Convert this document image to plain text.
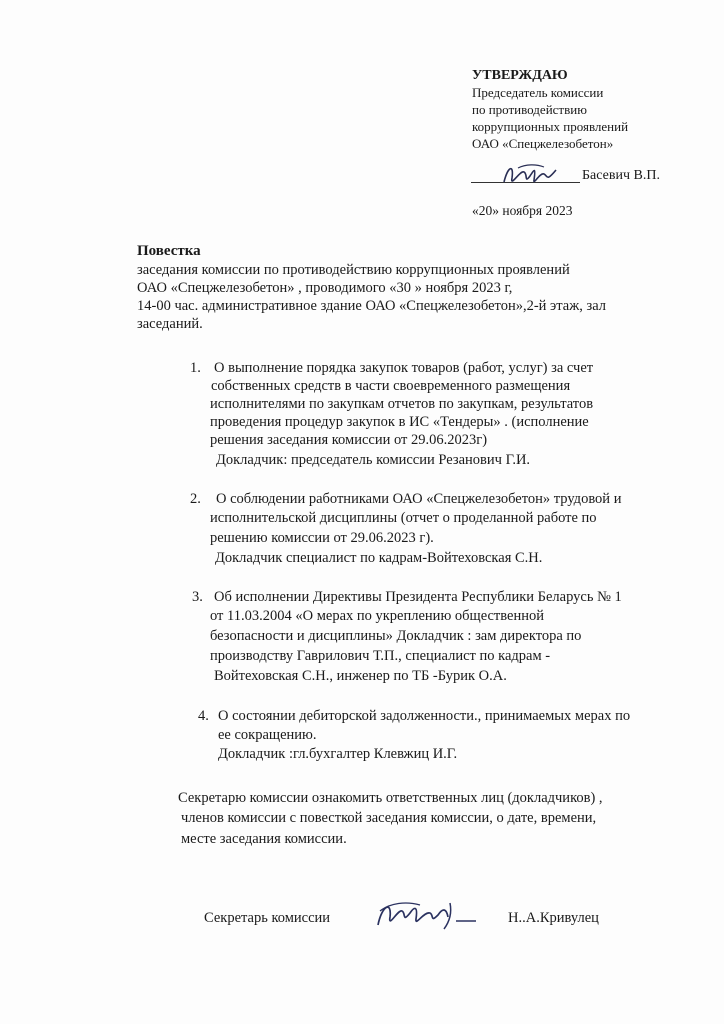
УТВЕРЖДАЮ
Председатель комиссии
по противодействию
коррупционных проявлений
ОАО «Спецжелезобетон»
Басевич В.П.
«20» ноября 2023
Повестка
заседания комиссии по противодействию коррупционных проявлений
ОАО «Спецжелезобетон» , проводимого «30 » ноября 2023 г,
14-00 час. административное здание ОАО «Спецжелезобетон»,2-й этаж, зал
заседаний.
1. О выполнение порядка закупок товаров (работ, услуг) за счет
собственных средств в части своевременного размещения
исполнителями по закупкам отчетов по закупкам, результатов
проведения процедур закупок в ИС «Тендеры» . (исполнение
решения заседания комиссии от 29.06.2023г)
Докладчик: председатель комиссии Резанович Г.И.
2. О соблюдении работниками ОАО «Спецжелезобетон» трудовой и
исполнительской дисциплины (отчет о проделанной работе по
решению комиссии от 29.06.2023 г).
Докладчик специалист по кадрам-Войтеховская С.Н.
3. Об исполнении Директивы Президента Республики Беларусь № 1
от 11.03.2004 «О мерах по укреплению общественной
безопасности и дисциплины» Докладчик : зам директора по
производству Гаврилович Т.П., специалист по кадрам -
Войтеховская С.Н., инженер по ТБ -Бурик О.А.
4. О состоянии дебиторской задолженности., принимаемых мерах по
ее сокращению.
Докладчик :гл.бухгалтер Клевжиц И.Г.
Секретарю комиссии ознакомить ответственных лиц (докладчиков) ,
членов комиссии с повесткой заседания комиссии, о дате, времени,
месте заседания комиссии.
Секретарь комиссии	Н..А.Кривулец
